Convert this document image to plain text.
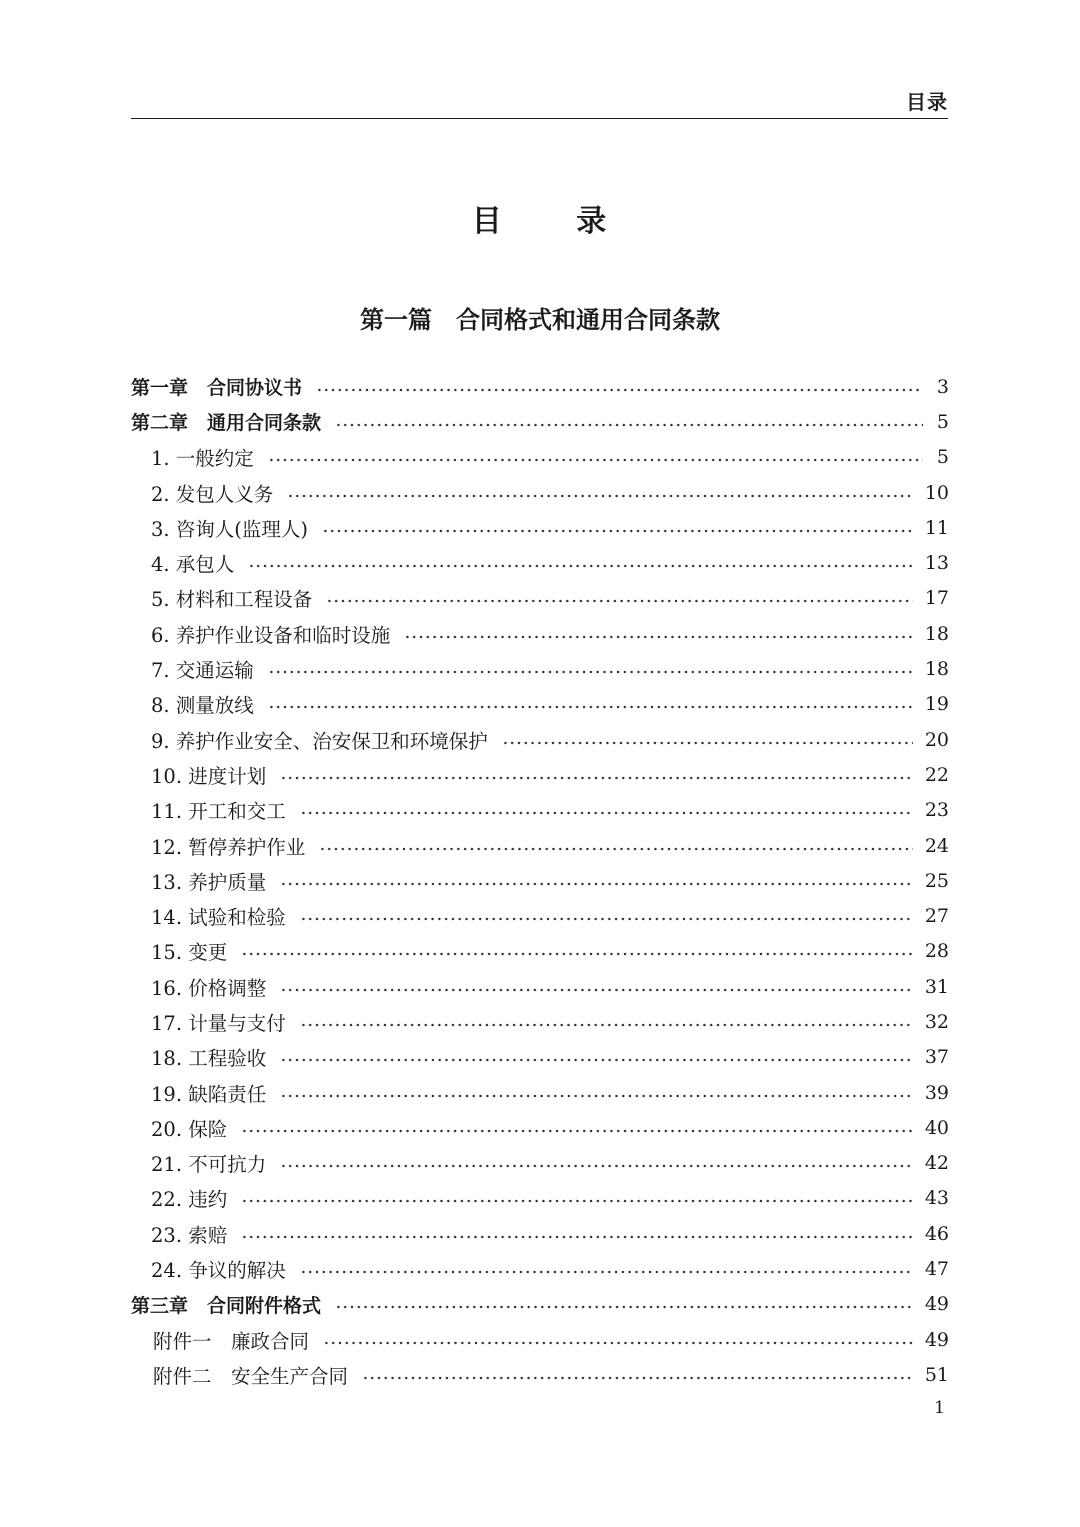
目录
目 录
第一篇　合同格式和通用合同条款
第一章　合同协议书	3
第二章　通用合同条款	5
1. 一般约定	5
2. 发包人义务	10
3. 咨询人(监理人)	11
4. 承包人	13
5. 材料和工程设备	17
6. 养护作业设备和临时设施	18
7. 交通运输	18
8. 测量放线	19
9. 养护作业安全、治安保卫和环境保护	20
10. 进度计划	22
11. 开工和交工	23
12. 暂停养护作业	24
13. 养护质量	25
14. 试验和检验	27
15. 变更	28
16. 价格调整	31
17. 计量与支付	32
18. 工程验收	37
19. 缺陷责任	39
20. 保险	40
21. 不可抗力	42
22. 违约	43
23. 索赔	46
24. 争议的解决	47
第三章　合同附件格式	49
附件一　廉政合同	49
附件二　安全生产合同	51
1
